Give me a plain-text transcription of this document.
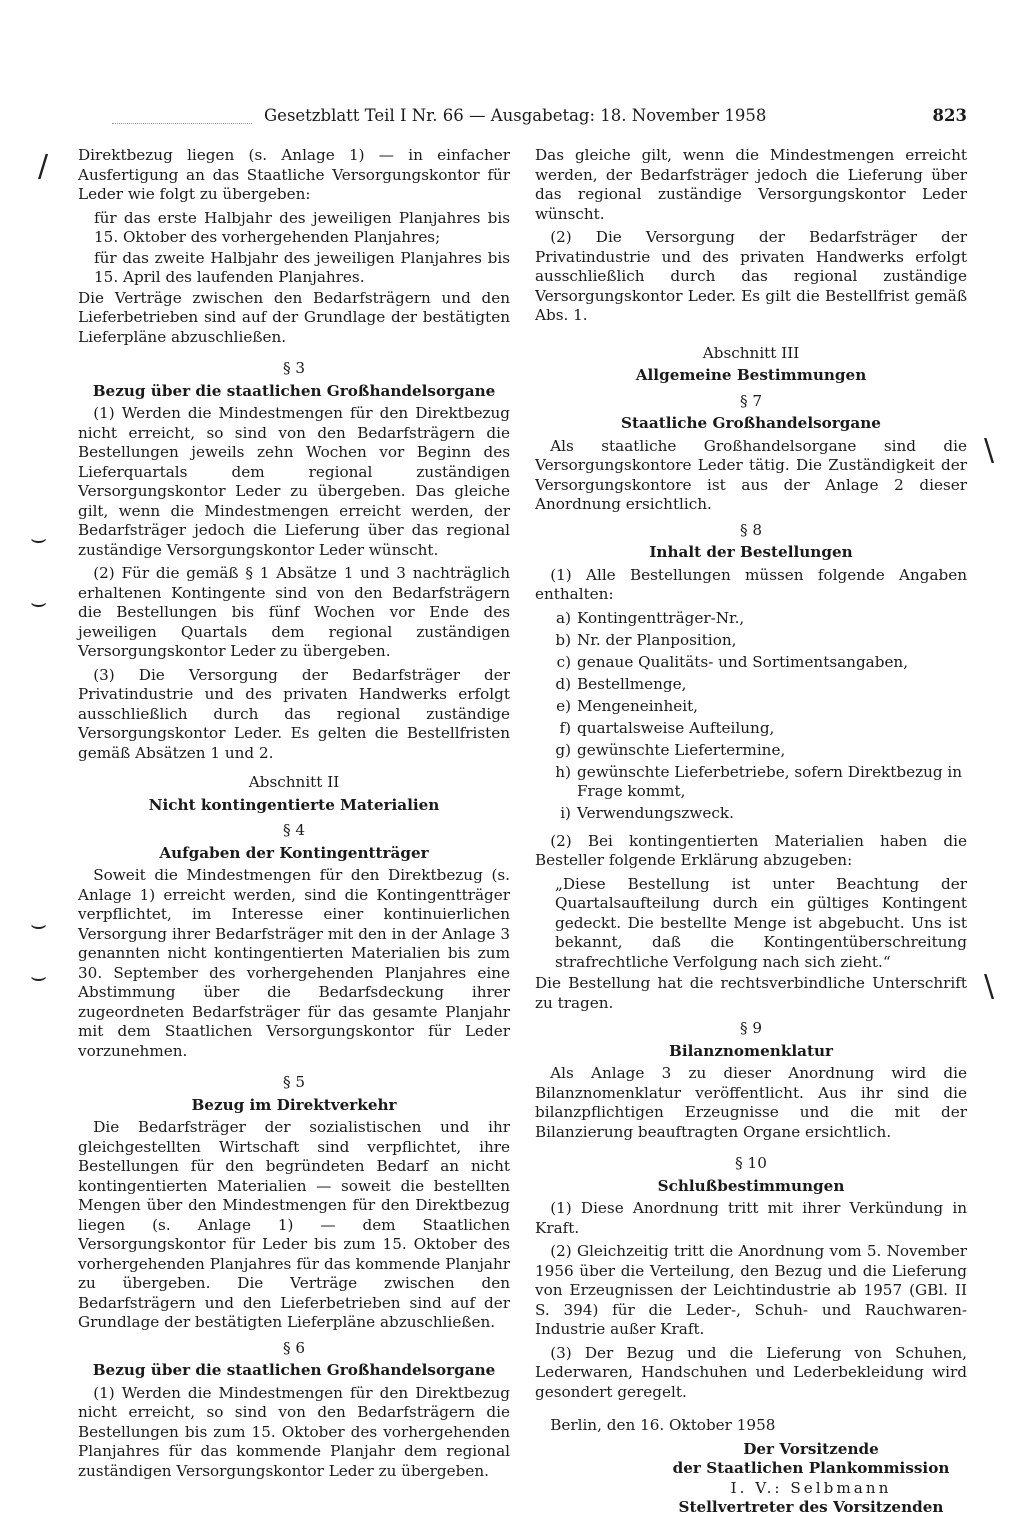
Gesetzblatt Teil I Nr. 66 — Ausgabetag: 18. November 1958	823
/
⌣
⌣
⌣
⌣
\
\

Direktbezug liegen (s. Anlage 1) — in einfacher Ausfertigung an das Staatliche Versorgungskontor für Leder wie folgt zu übergeben:

für das erste Halbjahr des jeweiligen Planjahres bis 15. Oktober des vorhergehenden Planjahres;

für das zweite Halbjahr des jeweiligen Planjahres bis 15. April des laufenden Planjahres.

Die Verträge zwischen den Bedarfsträgern und den Lieferbetrieben sind auf der Grundlage der bestätigten Lieferpläne abzuschließen.

§ 3
Bezug über die staatlichen Großhandelsorgane

(1) Werden die Mindestmengen für den Direktbezug nicht erreicht, so sind von den Bedarfsträgern die Bestellungen jeweils zehn Wochen vor Beginn des Lieferquartals dem regional zuständigen Versorgungskontor Leder zu übergeben. Das gleiche gilt, wenn die Mindestmengen erreicht werden, der Bedarfsträger jedoch die Lieferung über das regional zuständige Versorgungskontor Leder wünscht.

(2) Für die gemäß § 1 Absätze 1 und 3 nachträglich erhaltenen Kontingente sind von den Bedarfsträgern die Bestellungen bis fünf Wochen vor Ende des jeweiligen Quartals dem regional zuständigen Versorgungskontor Leder zu übergeben.

(3) Die Versorgung der Bedarfsträger der Privatindustrie und des privaten Handwerks erfolgt ausschließlich durch das regional zuständige Versorgungskontor Leder. Es gelten die Bestellfristen gemäß Absätzen 1 und 2.

Abschnitt II
Nicht kontingentierte Materialien
§ 4
Aufgaben der Kontingentträger

Soweit die Mindestmengen für den Direktbezug (s. Anlage 1) erreicht werden, sind die Kontingentträger verpflichtet, im Interesse einer kontinuierlichen Versorgung ihrer Bedarfsträger mit den in der Anlage 3 genannten nicht kontingentierten Materialien bis zum 30. September des vorhergehenden Planjahres eine Abstimmung über die Bedarfsdeckung ihrer zugeordneten Bedarfsträger für das gesamte Planjahr mit dem Staatlichen Versorgungskontor für Leder vorzunehmen.

§ 5
Bezug im Direktverkehr

Die Bedarfsträger der sozialistischen und ihr gleichgestellten Wirtschaft sind verpflichtet, ihre Bestellungen für den begründeten Bedarf an nicht kontingentierten Materialien — soweit die bestellten Mengen über den Mindestmengen für den Direktbezug liegen (s. Anlage 1) — dem Staatlichen Versorgungskontor für Leder bis zum 15. Oktober des vorhergehenden Planjahres für das kommende Planjahr zu übergeben. Die Verträge zwischen den Bedarfsträgern und den Lieferbetrieben sind auf der Grundlage der bestätigten Lieferpläne abzuschließen.

§ 6
Bezug über die staatlichen Großhandelsorgane

(1) Werden die Mindestmengen für den Direktbezug nicht erreicht, so sind von den Bedarfsträgern die Bestellungen bis zum 15. Oktober des vorhergehenden Planjahres für das kommende Planjahr dem regional zuständigen Versorgungskontor Leder zu übergeben.

Das gleiche gilt, wenn die Mindestmengen erreicht werden, der Bedarfsträger jedoch die Lieferung über das regional zuständige Versorgungskontor Leder wünscht.

(2) Die Versorgung der Bedarfsträger der Privatindustrie und des privaten Handwerks erfolgt ausschließlich durch das regional zuständige Versorgungskontor Leder. Es gilt die Bestellfrist gemäß Abs. 1.

Abschnitt III
Allgemeine Bestimmungen
§ 7
Staatliche Großhandelsorgane

Als staatliche Großhandelsorgane sind die Versorgungskontore Leder tätig. Die Zuständigkeit der Versorgungskontore ist aus der Anlage 2 dieser Anordnung ersichtlich.

§ 8
Inhalt der Bestellungen

(1) Alle Bestellungen müssen folgende Angaben enthalten:

a) Kontingentträger-Nr.,
b) Nr. der Planposition,
c) genaue Qualitäts- und Sortimentsangaben,
d) Bestellmenge,
e) Mengeneinheit,
f) quartalsweise Aufteilung,
g) gewünschte Liefertermine,
h) gewünschte Lieferbetriebe, sofern Direktbezug in Frage kommt,
i) Verwendungszweck.

(2) Bei kontingentierten Materialien haben die Besteller folgende Erklärung abzugeben:

„Diese Bestellung ist unter Beachtung der Quartalsaufteilung durch ein gültiges Kontingent gedeckt. Die bestellte Menge ist abgebucht. Uns ist bekannt, daß die Kontingentüberschreitung strafrechtliche Verfolgung nach sich zieht.“

Die Bestellung hat die rechtsverbindliche Unterschrift zu tragen.

§ 9
Bilanznomenklatur

Als Anlage 3 zu dieser Anordnung wird die Bilanznomenklatur veröffentlicht. Aus ihr sind die bilanzpflichtigen Erzeugnisse und die mit der Bilanzierung beauftragten Organe ersichtlich.

§ 10
Schlußbestimmungen

(1) Diese Anordnung tritt mit ihrer Verkündung in Kraft.

(2) Gleichzeitig tritt die Anordnung vom 5. November 1956 über die Verteilung, den Bezug und die Lieferung von Erzeugnissen der Leichtindustrie ab 1957 (GBl. II S. 394) für die Leder-, Schuh- und Rauchwaren-Industrie außer Kraft.

(3) Der Bezug und die Lieferung von Schuhen, Lederwaren, Handschuhen und Lederbekleidung wird gesondert geregelt.

Berlin, den 16. Oktober 1958

Der Vorsitzende
der Staatlichen Plankommission
I. V.: Selbmann
Stellvertreter des Vorsitzenden
